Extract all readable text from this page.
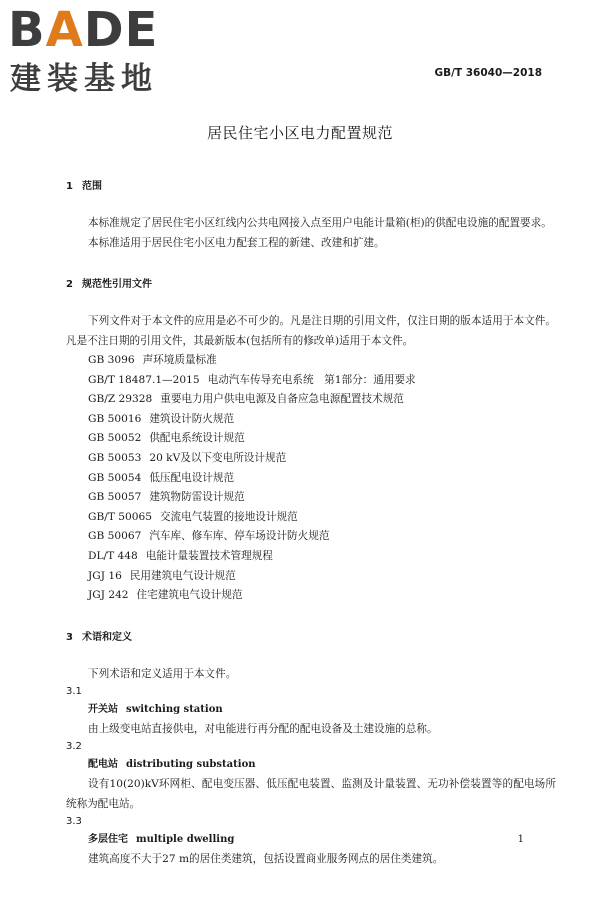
BADE
建装基地	GB/T 36040—2018
居民住宅小区电力配置规范
1 范围

本标准规定了居民住宅小区红线内公共电网接入点至用户电能计量箱(柜)的供配电设施的配置要求。

本标准适用于居民住宅小区电力配套工程的新建、改建和扩建。

2 规范性引用文件

下列文件对于本文件的应用是必不可少的。凡是注日期的引用文件，仅注日期的版本适用于本文件。凡是不注日期的引用文件，其最新版本(包括所有的修改单)适用于本文件。

GB 3096 声环境质量标准
GB/T 18487.1—2015 电动汽车传导充电系统　第1部分：通用要求
GB/Z 29328 重要电力用户供电电源及自备应急电源配置技术规范
GB 50016 建筑设计防火规范
GB 50052 供配电系统设计规范
GB 50053 20 kV及以下变电所设计规范
GB 50054 低压配电设计规范
GB 50057 建筑物防雷设计规范
GB/T 50065 交流电气装置的接地设计规范
GB 50067 汽车库、修车库、停车场设计防火规范
DL/T 448 电能计量装置技术管理规程
JGJ 16 民用建筑电气设计规范
JGJ 242 住宅建筑电气设计规范
3 术语和定义

下列术语和定义适用于本文件。

3.1
开关站 switching station

由上级变电站直接供电，对电能进行再分配的配电设备及土建设施的总称。

3.2
配电站 distributing substation

设有10(20)kV环网柜、配电变压器、低压配电装置、监测及计量装置、无功补偿装置等的配电场所统称为配电站。

3.3
多层住宅 multiple dwelling

建筑高度不大于27 m的居住类建筑，包括设置商业服务网点的居住类建筑。

1
